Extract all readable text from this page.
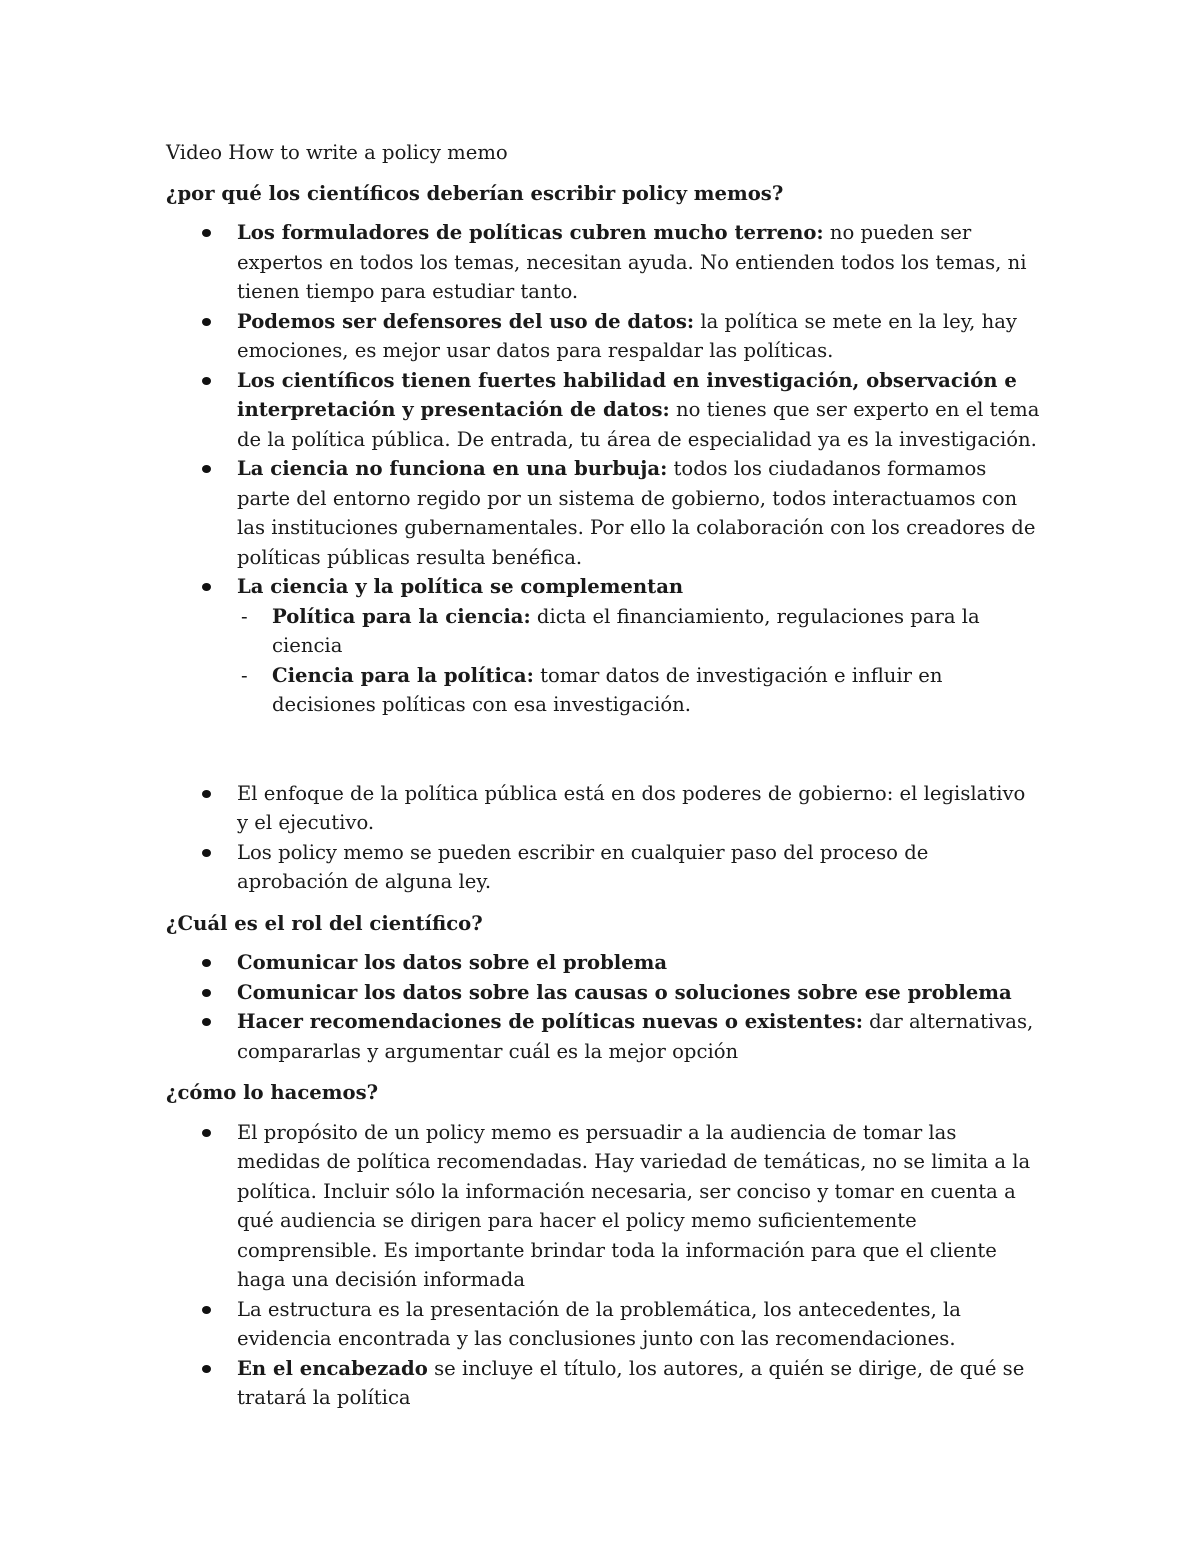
Video How to write a policy memo

¿por qué los científicos deberían escribir policy memos?

Los formuladores de políticas cubren mucho terreno: no pueden ser expertos en todos los temas, necesitan ayuda. No entienden todos los temas, ni tienen tiempo para estudiar tanto.
Podemos ser defensores del uso de datos: la política se mete en la ley, hay emociones, es mejor usar datos para respaldar las políticas.
Los científicos tienen fuertes habilidad en investigación, observación e interpretación y presentación de datos: no tienes que ser experto en el tema de la política pública. De entrada, tu área de especialidad ya es la investigación.
La ciencia no funciona en una burbuja: todos los ciudadanos formamos parte del entorno regido por un sistema de gobierno, todos interactuamos con las instituciones gubernamentales. Por ello la colaboración con los creadores de políticas públicas resulta benéfica.
La ciencia y la política se complementan
- Política para la ciencia: dicta el financiamiento, regulaciones para la ciencia
- Ciencia para la política: tomar datos de investigación e influir en decisiones políticas con esa investigación.
El enfoque de la política pública está en dos poderes de gobierno: el legislativo y el ejecutivo.
Los policy memo se pueden escribir en cualquier paso del proceso de aprobación de alguna ley.

¿Cuál es el rol del científico?

Comunicar los datos sobre el problema
Comunicar los datos sobre las causas o soluciones sobre ese problema
Hacer recomendaciones de políticas nuevas o existentes: dar alternativas, compararlas y argumentar cuál es la mejor opción

¿cómo lo hacemos?

El propósito de un policy memo es persuadir a la audiencia de tomar las medidas de política recomendadas. Hay variedad de temáticas, no se limita a la política. Incluir sólo la información necesaria, ser conciso y tomar en cuenta a qué audiencia se dirigen para hacer el policy memo suficientemente comprensible. Es importante brindar toda la información para que el cliente haga una decisión informada
La estructura es la presentación de la problemática, los antecedentes, la evidencia encontrada y las conclusiones junto con las recomendaciones.
En el encabezado se incluye el título, los autores, a quién se dirige, de qué se tratará la política
